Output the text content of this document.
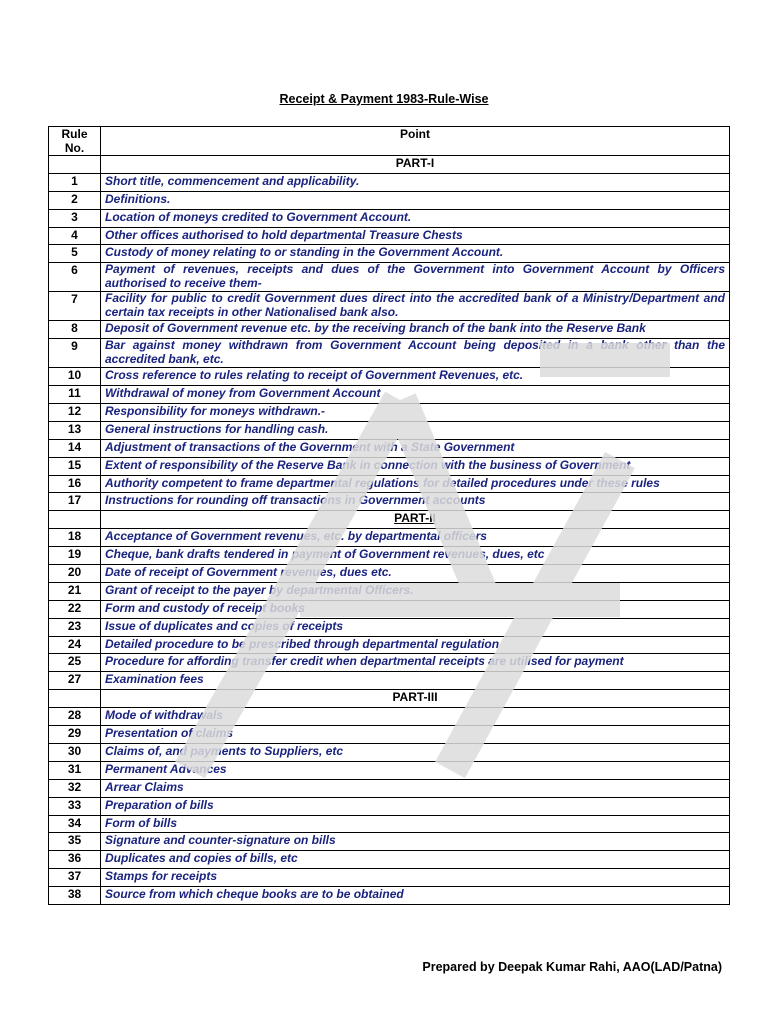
Receipt & Payment 1983-Rule-Wise
Rule No.	Point
	PART-I
1	Short title, commencement and applicability.
2	Definitions.
3	Location of moneys credited to Government Account.
4	Other offices authorised to hold departmental Treasure Chests
5	Custody of money relating to or standing in the Government Account.
6	Payment of revenues, receipts and dues of the Government into Government Account by Officers authorised to receive them-
7	Facility for public to credit Government dues direct into the accredited bank of a Ministry/Department and certain tax receipts in other Nationalised bank also.
8	Deposit of Government revenue etc. by the receiving branch of the bank into the Reserve Bank
9	Bar against money withdrawn from Government Account being deposited in a bank other than the accredited bank, etc.
10	Cross reference to rules relating to receipt of Government Revenues, etc.
11	Withdrawal of money from Government Account
12	Responsibility for moneys withdrawn.-
13	General instructions for handling cash.
14	Adjustment of transactions of the Government with a State Government
15	Extent of responsibility of the Reserve Bank in connection with the business of Government
16	Authority competent to frame departmental regulations for detailed procedures under these rules
17	Instructions for rounding off transactions in Government accounts
	PART-II
18	Acceptance of Government revenues, etc. by departmental officers
19	Cheque, bank drafts tendered in payment of Government revenues, dues, etc
20	Date of receipt of Government revenues, dues etc.
21	Grant of receipt to the payer by departmental Officers.
22	Form and custody of receipt books
23	Issue of duplicates and copies of receipts
24	Detailed procedure to be prescribed through departmental regulation
25	Procedure for affording transfer credit when departmental receipts are utilised for payment
27	Examination fees
	PART-III
28	Mode of withdrawals
29	Presentation of claims
30	Claims of, and payments to Suppliers, etc
31	Permanent Advances
32	Arrear Claims
33	Preparation of bills
34	Form of bills
35	Signature and counter-signature on bills
36	Duplicates and copies of bills, etc
37	Stamps for receipts
38	Source from which cheque books are to be obtained
Prepared by Deepak Kumar Rahi, AAO(LAD/Patna)
